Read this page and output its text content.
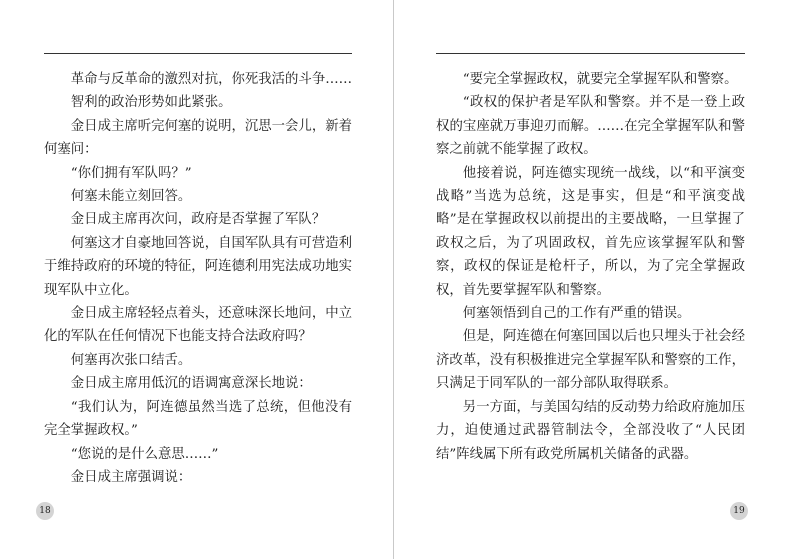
革命与反革命的激烈对抗，你死我活的斗争……

智利的政治形势如此紧张。

金日成主席听完何塞的说明，沉思一会儿，新着何塞问：

“你们拥有军队吗？”

何塞未能立刻回答。

金日成主席再次问，政府是否掌握了军队？

何塞这才自豪地回答说，自国军队具有可营造利于维持政府的环境的特征，阿连德利用宪法成功地实现军队中立化。

金日成主席轻轻点着头，还意味深长地问，中立化的军队在任何情况下也能支持合法政府吗？

何塞再次张口结舌。

金日成主席用低沉的语调寓意深长地说：

“我们认为，阿连德虽然当选了总统，但他没有完全掌握政权。”

“您说的是什么意思……”

金日成主席强调说：

18

“要完全掌握政权，就要完全掌握军队和警察。

“政权的保护者是军队和警察。并不是一登上政权的宝座就万事迎刃而解。……在完全掌握军队和警察之前就不能掌握了政权。

他接着说，阿连德实现统一战线，以“和平演变战略”当选为总统，这是事实，但是“和平演变战略”是在掌握政权以前提出的主要战略，一旦掌握了政权之后，为了巩固政权，首先应该掌握军队和警察，政权的保证是枪杆子，所以，为了完全掌握政权，首先要掌握军队和警察。

何塞领悟到自己的工作有严重的错误。

但是，阿连德在何塞回国以后也只埋头于社会经济改革，没有积极推进完全掌握军队和警察的工作，只满足于同军队的一部分部队取得联系。

另一方面，与美国勾结的反动势力给政府施加压力，迫使通过武器管制法令，全部没收了“人民团结”阵线属下所有政党所属机关储备的武器。

19
